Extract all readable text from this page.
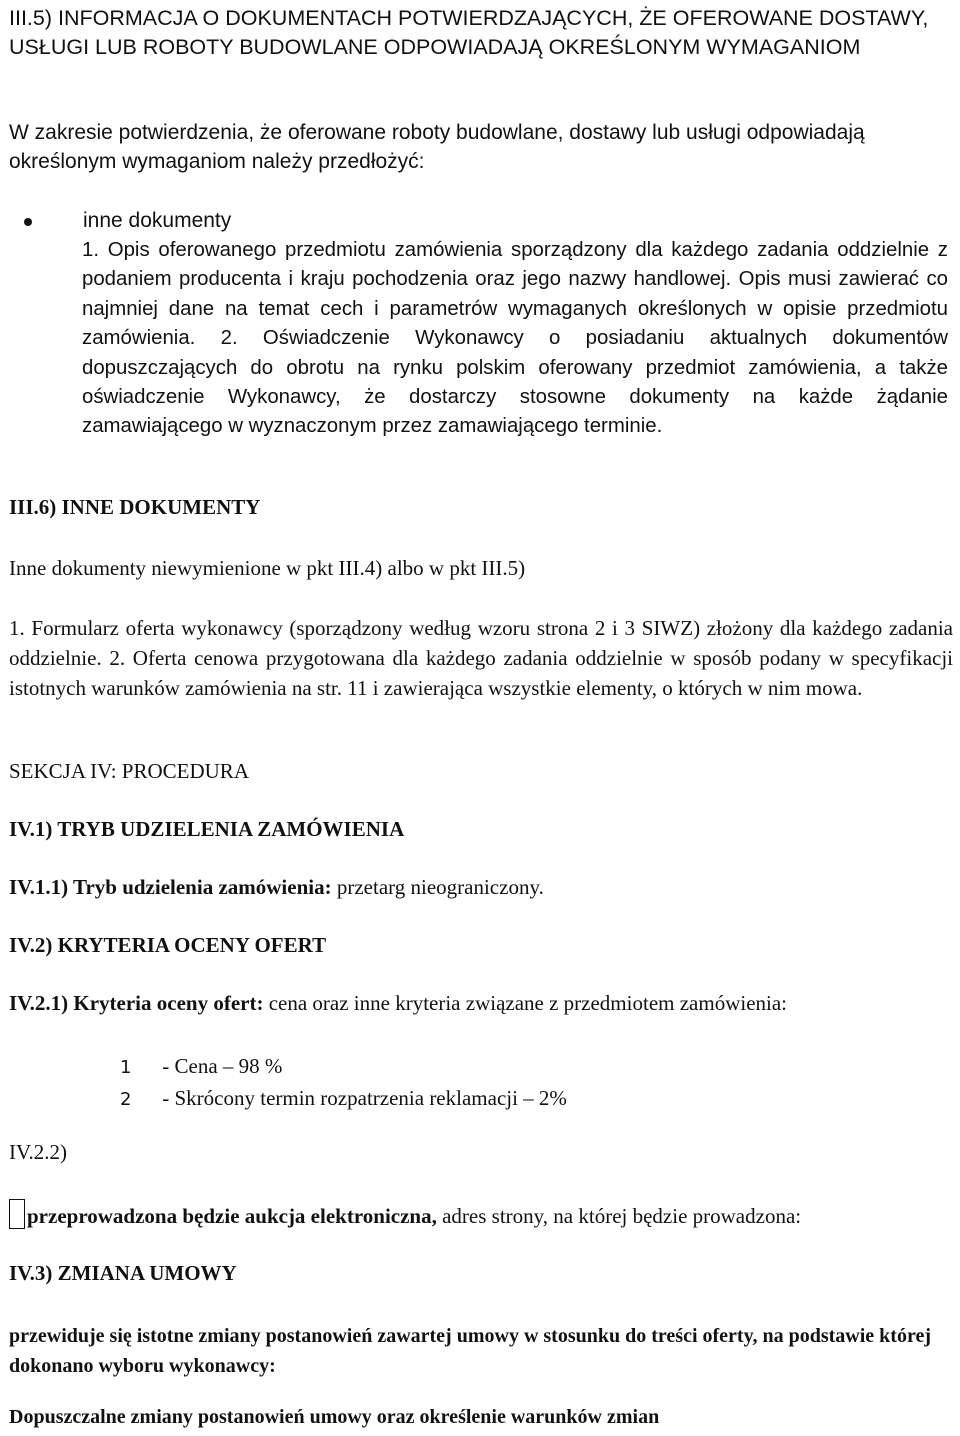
III.5) INFORMACJA O DOKUMENTACH POTWIERDZAJĄCYCH, ŻE OFEROWANE DOSTAWY, USŁUGI LUB ROBOTY BUDOWLANE ODPOWIADAJĄ OKREŚLONYM WYMAGANIOM
W zakresie potwierdzenia, że oferowane roboty budowlane, dostawy lub usługi odpowiadają określonym wymaganiom należy przedłożyć:
inne dokumenty
1. Opis oferowanego przedmiotu zamówienia sporządzony dla każdego zadania oddzielnie z podaniem producenta i kraju pochodzenia oraz jego nazwy handlowej. Opis musi zawierać co najmniej dane na temat cech i parametrów wymaganych określonych w opisie przedmiotu zamówienia. 2. Oświadczenie Wykonawcy o posiadaniu aktualnych dokumentów dopuszczających do obrotu na rynku polskim oferowany przedmiot zamówienia, a także oświadczenie Wykonawcy, że dostarczy stosowne dokumenty na każde żądanie zamawiającego w wyznaczonym przez zamawiającego terminie.
III.6) INNE DOKUMENTY
Inne dokumenty niewymienione w pkt III.4) albo w pkt III.5)
1. Formularz oferta wykonawcy (sporządzony według wzoru strona 2 i 3 SIWZ) złożony dla każdego zadania oddzielnie. 2. Oferta cenowa przygotowana dla każdego zadania oddzielnie w sposób podany w specyfikacji istotnych warunków zamówienia na str. 11 i zawierająca wszystkie elementy, o których w nim mowa.
SEKCJA IV: PROCEDURA
IV.1) TRYB UDZIELENIA ZAMÓWIENIA
IV.1.1) Tryb udzielenia zamówienia: przetarg nieograniczony.
IV.2) KRYTERIA OCENY OFERT
IV.2.1) Kryteria oceny ofert: cena oraz inne kryteria związane z przedmiotem zamówienia:
1 - Cena – 98 %
2 - Skrócony termin rozpatrzenia reklamacji – 2%
IV.2.2)
przeprowadzona będzie aukcja elektroniczna, adres strony, na której będzie prowadzona:
IV.3) ZMIANA UMOWY
przewiduje się istotne zmiany postanowień zawartej umowy w stosunku do treści oferty, na podstawie której dokonano wyboru wykonawcy:
Dopuszczalne zmiany postanowień umowy oraz określenie warunków zmian
